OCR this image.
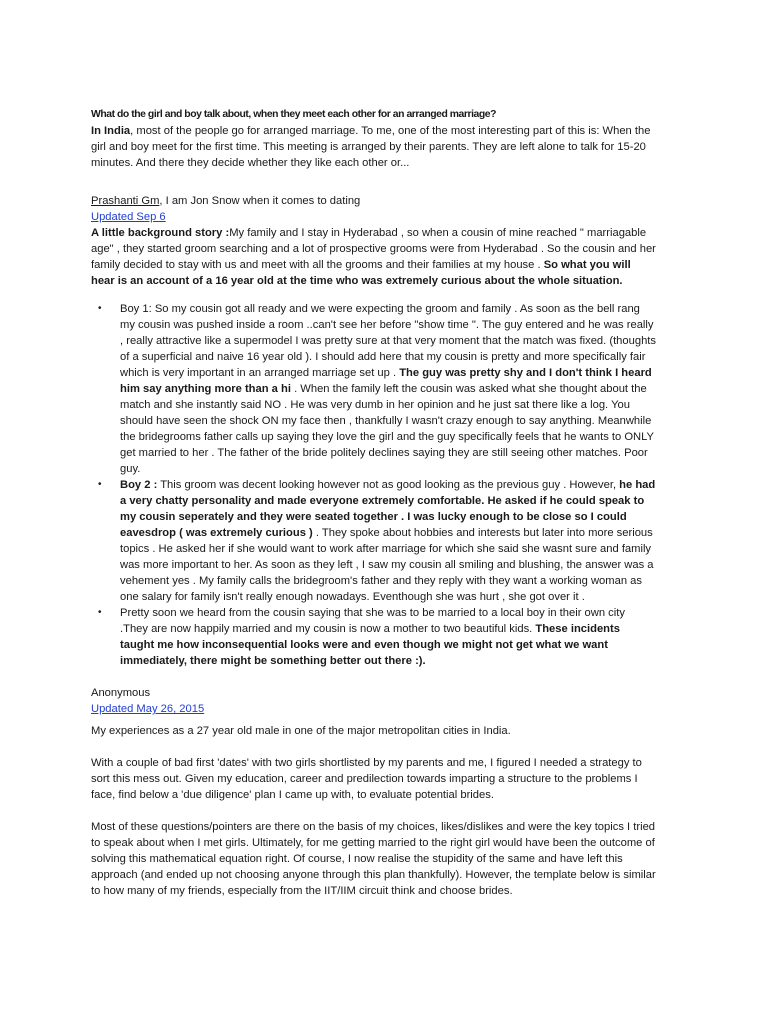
What do the girl and boy talk about, when they meet each other for an arranged marriage?

In India, most of the people go for arranged marriage. To me, one of the most interesting part of this is: When the girl and boy meet for the first time. This meeting is arranged by their parents. They are left alone to talk for 15-20 minutes. And there they decide whether they like each other or...

Prashanti Gm, I am Jon Snow when it comes to dating

Updated Sep 6

A little background story :My family and I stay in Hyderabad , so when a cousin of mine reached " marriagable age" , they started groom searching and a lot of prospective grooms were from Hyderabad . So the cousin and her family decided to stay with us and meet with all the grooms and their families at my house . So what you will hear is an account of a 16 year old at the time who was extremely curious about the whole situation.

• Boy 1: So my cousin got all ready and we were expecting the groom and family . As soon as the bell rang my cousin was pushed inside a room ..can't see her before "show time ". The guy entered and he was really , really attractive like a supermodel I was pretty sure at that very moment that the match was fixed. (thoughts of a superficial and naive 16 year old ). I should add here that my cousin is pretty and more specifically fair which is very important in an arranged marriage set up . The guy was pretty shy and I don't think I heard him say anything more than a hi . When the family left the cousin was asked what she thought about the match and she instantly said NO . He was very dumb in her opinion and he just sat there like a log. You should have seen the shock ON my face then , thankfully I wasn't crazy enough to say anything. Meanwhile the bridegrooms father calls up saying they love the girl and the guy specifically feels that he wants to ONLY get married to her . The father of the bride politely declines saying they are still seeing other matches. Poor guy.
• Boy 2 : This groom was decent looking however not as good looking as the previous guy . However, he had a very chatty personality and made everyone extremely comfortable. He asked if he could speak to my cousin seperately and they were seated together . I was lucky enough to be close so I could eavesdrop ( was extremely curious ) . They spoke about hobbies and interests but later into more serious topics . He asked her if she would want to work after marriage for which she said she wasnt sure and family was more important to her. As soon as they left , I saw my cousin all smiling and blushing, the answer was a vehement yes . My family calls the bridegroom's father and they reply with they want a working woman as one salary for family isn't really enough nowadays. Eventhough she was hurt , she got over it .
• Pretty soon we heard from the cousin saying that she was to be married to a local boy in their own city .They are now happily married and my cousin is now a mother to two beautiful kids. These incidents taught me how inconsequential looks were and even though we might not get what we want immediately, there might be something better out there :).

Anonymous

Updated May 26, 2015

My experiences as a 27 year old male in one of the major metropolitan cities in India.

With a couple of bad first 'dates' with two girls shortlisted by my parents and me, I figured I needed a strategy to sort this mess out. Given my education, career and predilection towards imparting a structure to the problems I face, find below a 'due diligence' plan I came up with, to evaluate potential brides.

Most of these questions/pointers are there on the basis of my choices, likes/dislikes and were the key topics I tried to speak about when I met girls. Ultimately, for me getting married to the right girl would have been the outcome of solving this mathematical equation right. Of course, I now realise the stupidity of the same and have left this approach (and ended up not choosing anyone through this plan thankfully). However, the template below is similar to how many of my friends, especially from the IIT/IIM circuit think and choose brides.
